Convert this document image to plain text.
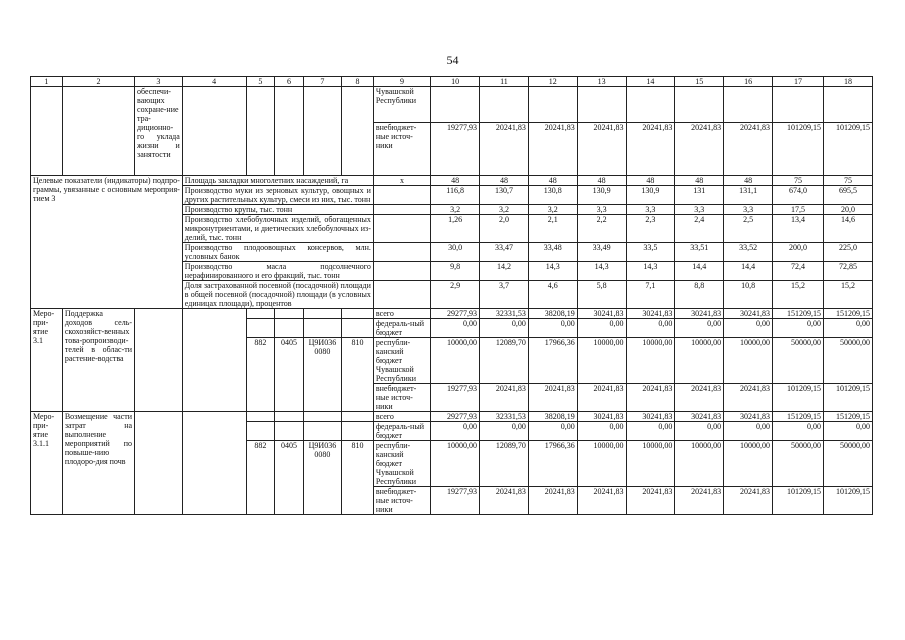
54
1	2	3	4	5	6	7	8	9	10	11	12	13	14	15	16	17	18
		обеспечи-вающих сохране-ние тра-диционно-го уклада жизни и занятости						Чувашской Республики									
								внебюджет-ные источ-ники	19277,93	20241,83	20241,83	20241,83	20241,83	20241,83	20241,83	101209,15	101209,15
Целевые показатели (индикаторы) подпро-граммы, увязанные с основным мероприя-тием 3			Площадь закладки многолетних насаждений, га					x	48	48	48	48	48	48	48	75	75
			Производство муки из зерновых культур, овощных и других растительных культур, смеси из них, тыс. тонн						116,8	130,7	130,8	130,9	130,9	131	131,1	674,0	695,5
			Производство крупы, тыс. тонн						3,2	3,2	3,2	3,3	3,3	3,3	3,3	17,5	20,0
			Производство хлебобулочных изделий, обогащенных микронутриентами, и диетических хлебобулочных из-делий, тыс. тонн						1,26	2,0	2,1	2,2	2,3	2,4	2,5	13,4	14,6
			Производство плодоовощных консервов, млн. условных банок						30,0	33,47	33,48	33,49	33,5	33,51	33,52	200,0	225,0
			Производство масла подсолнечного нерафинированного и его фракций, тыс. тонн						9,8	14,2	14,3	14,3	14,3	14,4	14,4	72,4	72,85
			Доля застрахованной посевной (посадочной) площади в общей посевной (посадочной) площади (в условных единицах площади), процентов						2,9	3,7	4,6	5,8	7,1	8,8	10,8	15,2	15,2
Меро-при-ятие 3.1	Поддержка доходов сель-скохозяйст-венных това-ропроизводи-телей в облас-ти растение-водства							всего	29277,93	32331,53	38208,19	30241,83	30241,83	30241,83	30241,83	151209,15	151209,15
								федераль-ный бюджет	0,00	0,00	0,00	0,00	0,00	0,00	0,00	0,00	0,00
				882	0405	Ц9И036 0080	810	республи-канский бюджет Чувашской Республики	10000,00	12089,70	17966,36	10000,00	10000,00	10000,00	10000,00	50000,00	50000,00
								внебюджет-ные источ-ники	19277,93	20241,83	20241,83	20241,83	20241,83	20241,83	20241,83	101209,15	101209,15
Меро-при-ятие 3.1.1	Возмещение части затрат на выполнение мероприятий по повыше-нию плодоро-дия почв							всего	29277,93	32331,53	38208,19	30241,83	30241,83	30241,83	30241,83	151209,15	151209,15
								федераль-ный бюджет	0,00	0,00	0,00	0,00	0,00	0,00	0,00	0,00	0,00
				882	0405	Ц9И036 0080	810	республи-канский бюджет Чувашской Республики	10000,00	12089,70	17966,36	10000,00	10000,00	10000,00	10000,00	50000,00	50000,00
								внебюджет-ные источ-ники	19277,93	20241,83	20241,83	20241,83	20241,83	20241,83	20241,83	101209,15	101209,15
